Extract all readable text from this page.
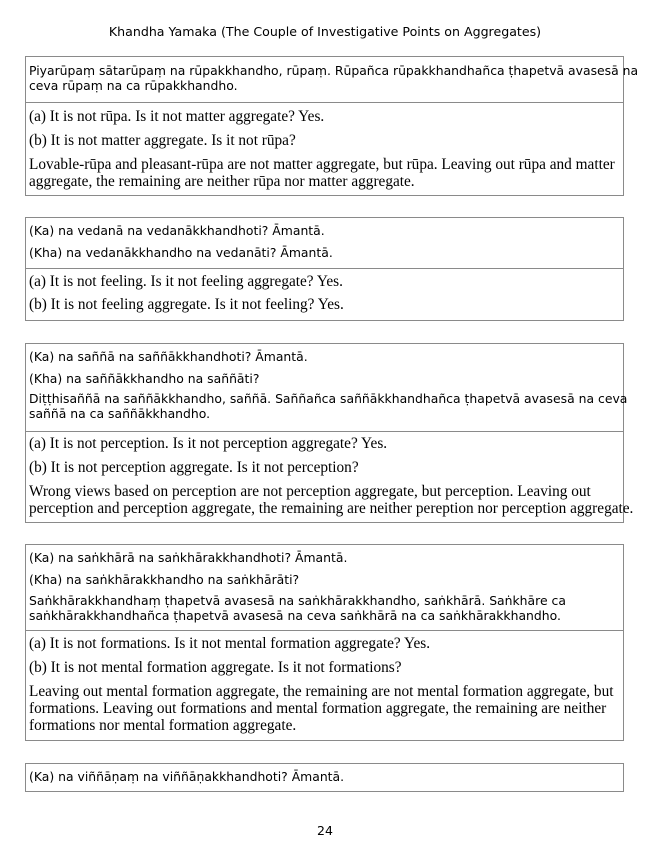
Khandha Yamaka (The Couple of Investigative Points on Aggregates)
Piyarūpaṃ sātarūpaṃ na rūpakkhandho, rūpaṃ. Rūpañca rūpakkhandhañca ṭhapetvā avasesā na
ceva rūpaṃ na ca rūpakkhandho.
(a) It is not rūpa. Is it not matter aggregate? Yes.
(b) It is not matter aggregate. Is it not rūpa?
Lovable-rūpa and pleasant-rūpa are not matter aggregate, but rūpa. Leaving out rūpa and matter
aggregate, the remaining are neither rūpa nor matter aggregate.
(Ka) na vedanā na vedanākkhandhoti? Āmantā.
(Kha) na vedanākkhandho na vedanāti? Āmantā.
(a) It is not feeling. Is it not feeling aggregate? Yes.
(b) It is not feeling aggregate. Is it not feeling? Yes.
(Ka) na saññā na saññākkhandhoti? Āmantā.
(Kha) na saññākkhandho na saññāti?
Diṭṭhisaññā na saññākkhandho, saññā. Saññañca saññākkhandhañca ṭhapetvā avasesā na ceva
saññā na ca saññākkhandho.
(a) It is not perception. Is it not perception aggregate? Yes.
(b) It is not perception aggregate. Is it not perception?
Wrong views based on perception are not perception aggregate, but perception. Leaving out
perception and perception aggregate, the remaining are neither pereption nor perception aggregate.
(Ka) na saṅkhārā na saṅkhārakkhandhoti? Āmantā.
(Kha) na saṅkhārakkhandho na saṅkhārāti?
Saṅkhārakkhandhaṃ ṭhapetvā avasesā na saṅkhārakkhandho, saṅkhārā. Saṅkhāre ca
saṅkhārakkhandhañca ṭhapetvā avasesā na ceva saṅkhārā na ca saṅkhārakkhandho.
(a) It is not formations. Is it not mental formation aggregate? Yes.
(b) It is not mental formation aggregate. Is it not formations?
Leaving out mental formation aggregate, the remaining are not mental formation aggregate, but
formations. Leaving out formations and mental formation aggregate, the remaining are neither
formations nor mental formation aggregate.
(Ka) na viññāṇaṃ na viññāṇakkhandhoti? Āmantā.
24
